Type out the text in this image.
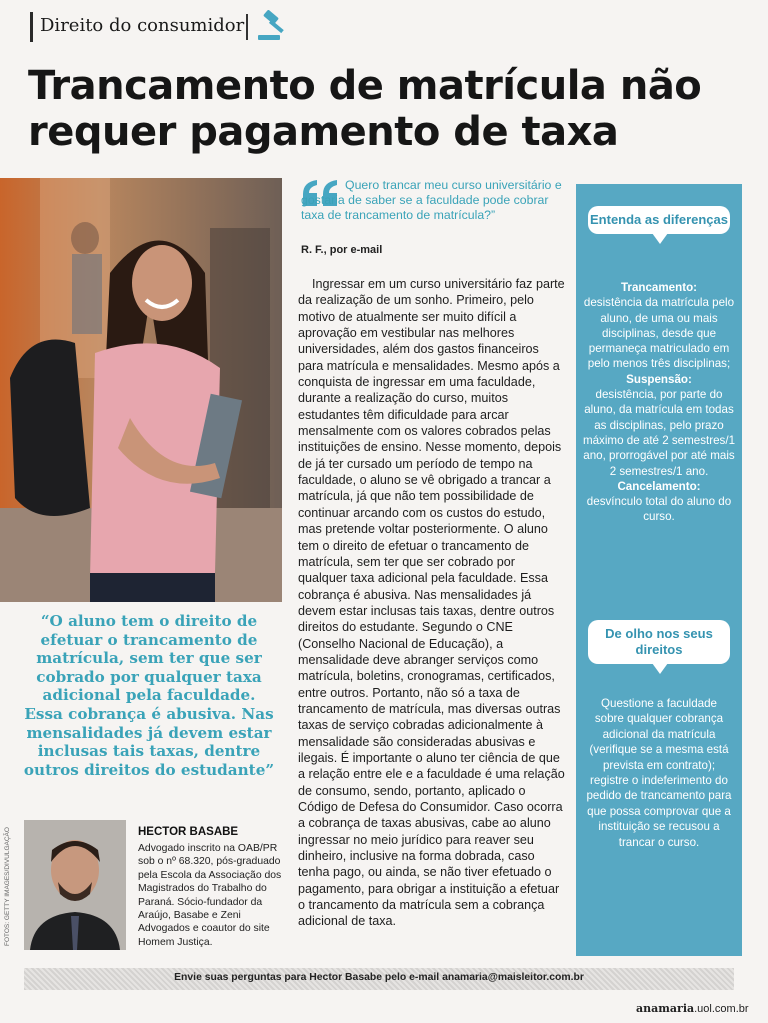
Direito do consumidor
Trancamento de matrícula não requer pagamento de taxa

“O aluno tem o direito de efetuar o trancamento de matrícula, sem ter que ser cobrado por qualquer taxa adicional pela faculdade. Essa cobrança é abusiva. Nas mensalidades já devem estar inclusas tais taxas, dentre outros direitos do estudante”

FOTOS: GETTY IMAGES/DIVULGAÇÃO	HECTOR BASABE

Advogado inscrito na OAB/PR sob o nº 68.320, pós-graduado pela Escola da Associação dos Magistrados do Trabalho do Paraná. Sócio-fundador da Araújo, Basabe e Zeni Advogados e coautor do site Homem Justiça.

Quero trancar meu curso universitário e gostaria de saber se a faculdade pode cobrar taxa de trancamento de matrícula?”

R. F., por e-mail

Ingressar em um curso universitário faz parte da realização de um sonho. Primeiro, pelo motivo de atualmente ser muito difícil a aprovação em vestibular nas melhores universidades, além dos gastos financeiros para matrícula e mensalidades. Mesmo após a conquista de ingressar em uma faculdade, durante a realização do curso, muitos estudantes têm dificuldade para arcar mensalmente com os valores cobrados pelas instituições de ensino. Nesse momento, depois de já ter cursado um período de tempo na faculdade, o aluno se vê obrigado a trancar a matrícula, já que não tem possibilidade de continuar arcando com os custos do estudo, mas pretende voltar posteriormente. O aluno tem o direito de efetuar o trancamento de matrícula, sem ter que ser cobrado por qualquer taxa adicional pela faculdade. Essa cobrança é abusiva. Nas mensalidades já devem estar inclusas tais taxas, dentre outros direitos do estudante. Segundo o CNE (Conselho Nacional de Educação), a mensalidade deve abranger serviços como matrícula, boletins, cronogramas, certificados, entre outros. Portanto, não só a taxa de trancamento de matrícula, mas diversas outras taxas de serviço cobradas adicionalmente à mensalidade são consideradas abusivas e ilegais. É importante o aluno ter ciência de que a relação entre ele e a faculdade é uma relação de consumo, sendo, portanto, aplicado o Código de Defesa do Consumidor. Caso ocorra a cobrança de taxas abusivas, cabe ao aluno ingressar no meio jurídico para reaver seu dinheiro, inclusive na forma dobrada, caso tenha pago, ou ainda, se não tiver efetuado o pagamento, para obrigar a instituição a efetuar o trancamento da matrícula sem a cobrança adicional de taxa.

Entenda as diferenças
Trancamento:
desistência da matrícula pelo aluno, de uma ou mais disciplinas, desde que permaneça matriculado em pelo menos três disciplinas;
Suspensão:
desistência, por parte do aluno, da matrícula em todas as disciplinas, pelo prazo máximo de até 2 semestres/1 ano, prorrogável por até mais 2 semestres/1 ano.
Cancelamento:
desvínculo total do aluno do curso.
De olho nos seus direitos

Questione a faculdade sobre qualquer cobrança adicional da matrícula (verifique se a mesma está prevista em contrato); registre o indeferimento do pedido de trancamento para que possa comprovar que a instituição se recusou a trancar o curso.

Envie suas perguntas para Hector Basabe pelo e-mail anamaria@maisleitor.com.br
anamaria.uol.com.br
